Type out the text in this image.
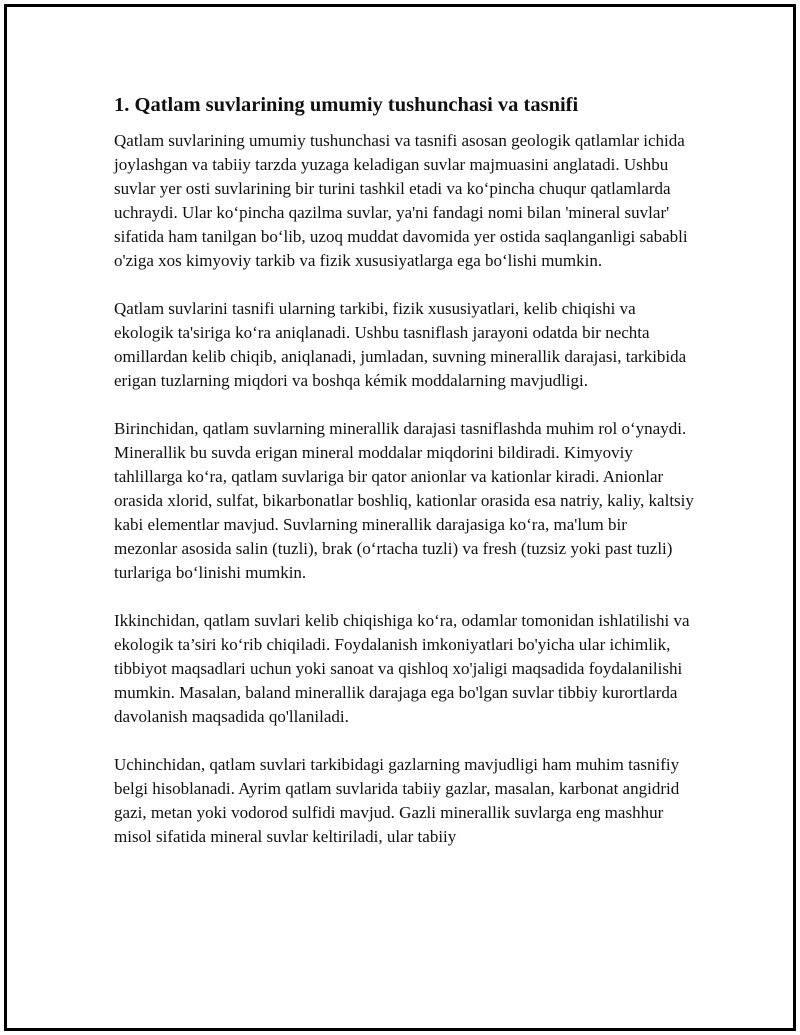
1. Qatlam suvlarining umumiy tushunchasi va tasnifi

Qatlam suvlarining umumiy tushunchasi va tasnifi asosan geologik qatlamlar ichida joylashgan va tabiiy tarzda yuzaga keladigan suvlar majmuasini anglatadi. Ushbu suvlar yer osti suvlarining bir turini tashkil etadi va ko‘pincha chuqur qatlamlarda uchraydi. Ular ko‘pincha qazilma suvlar, ya'ni fandagi nomi bilan 'mineral suvlar' sifatida ham tanilgan bo‘lib, uzoq muddat davomida yer ostida saqlanganligi sababli o'ziga xos kimyoviy tarkib va fizik xususiyatlarga ega bo‘lishi mumkin.

Qatlam suvlarini tasnifi ularning tarkibi, fizik xususiyatlari, kelib chiqishi va ekologik ta'siriga ko‘ra aniqlanadi. Ushbu tasniflash jarayoni odatda bir nechta omillardan kelib chiqib, aniqlanadi, jumladan, suvning minerallik darajasi, tarkibida erigan tuzlarning miqdori va boshqa kémik moddalarning mavjudligi.

Birinchidan, qatlam suvlarning minerallik darajasi tasniflashda muhim rol o‘ynaydi. Minerallik bu suvda erigan mineral moddalar miqdorini bildiradi. Kimyoviy tahlillarga ko‘ra, qatlam suvlariga bir qator anionlar va kationlar kiradi. Anionlar orasida xlorid, sulfat, bikarbonatlar boshliq, kationlar orasida esa natriy, kaliy, kaltsiy kabi elementlar mavjud. Suvlarning minerallik darajasiga ko‘ra, ma'lum bir mezonlar asosida salin (tuzli), brak (o‘rtacha tuzli) va fresh (tuzsiz yoki past tuzli) turlariga bo‘linishi mumkin.

Ikkinchidan, qatlam suvlari kelib chiqishiga ko‘ra, odamlar tomonidan ishlatilishi va ekologik ta’siri ko‘rib chiqiladi. Foydalanish imkoniyatlari bo'yicha ular ichimlik, tibbiyot maqsadlari uchun yoki sanoat va qishloq xo'jaligi maqsadida foydalanilishi mumkin. Masalan, baland minerallik darajaga ega bo'lgan suvlar tibbiy kurortlarda davolanish maqsadida qo'llaniladi.

Uchinchidan, qatlam suvlari tarkibidagi gazlarning mavjudligi ham muhim tasnifiy belgi hisoblanadi. Ayrim qatlam suvlarida tabiiy gazlar, masalan, karbonat angidrid gazi, metan yoki vodorod sulfidi mavjud. Gazli minerallik suvlarga eng mashhur misol sifatida mineral suvlar keltiriladi, ular tabiiy
